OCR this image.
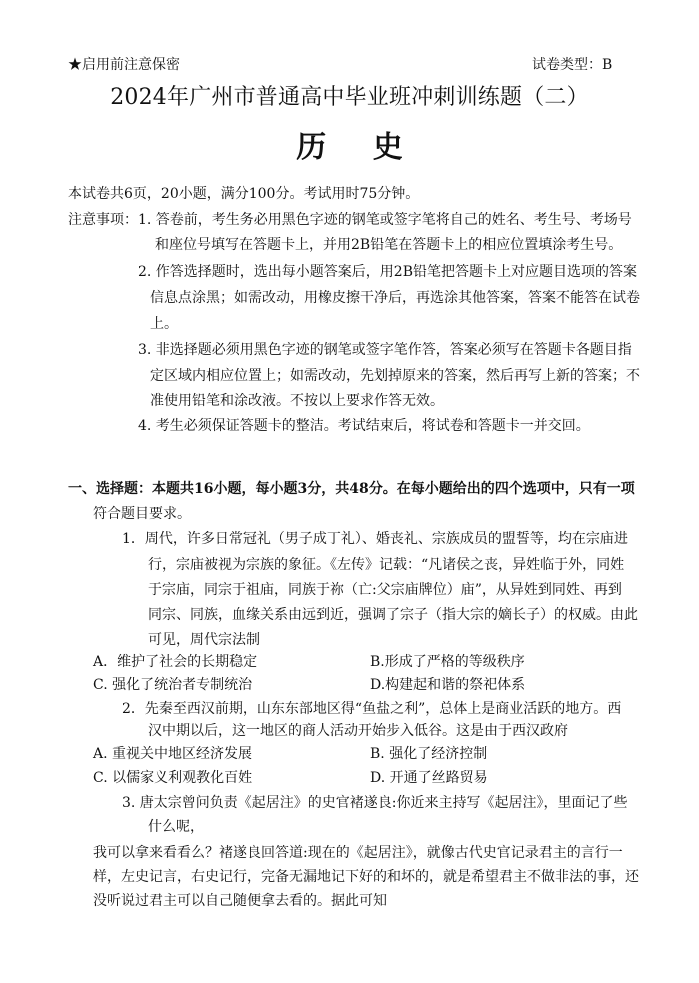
★启用前注意保密	试卷类型：B
2024年广州市普通高中毕业班冲刺训练题（二）
历 史
本试卷共6页，20小题，满分100分。考试用时75分钟。
注意事项： 1. 答卷前，考生务必用黑色字迹的钢笔或签字笔将自己的姓名、考生号、考场号
和座位号填写在答题卡上，并用2B铅笔在答题卡上的相应位置填涂考生号。
2. 作答选择题时，选出每小题答案后，用2B铅笔把答题卡上对应题目选项的答案
信息点涂黑；如需改动，用橡皮擦干净后，再选涂其他答案，答案不能答在试卷
上。
3. 非选择题必须用黑色字迹的钢笔或签字笔作答，答案必须写在答题卡各题目指
定区域内相应位置上；如需改动，先划掉原来的答案，然后再写上新的答案；不
准使用铅笔和涂改液。不按以上要求作答无效。
4. 考生必须保证答题卡的整洁。考试结束后，将试卷和答题卡一并交回。
一、选择题：本题共16小题，每小题3分，共48分。在每小题给出的四个选项中，只有一项
符合题目要求。
1．周代，许多日常冠礼（男子成丁礼）、婚丧礼、宗族成员的盟誓等，均在宗庙进
行，宗庙被视为宗族的象征。《左传》记载：“凡诸侯之丧，异姓临于外，同姓
于宗庙，同宗于祖庙，同族于祢（亡:父宗庙牌位）庙”，从异姓到同姓、再到
同宗、同族，血缘关系由远到近，强调了宗子（指大宗的嫡长子）的权威。由此
可见，周代宗法制
A．维护了社会的长期稳定	B.形成了严格的等级秩序
C. 强化了统治者专制统治	D.构建起和谐的祭祀体系
2．先秦至西汉前期，山东东部地区得“鱼盐之利”，总体上是商业活跃的地方。西
汉中期以后，这一地区的商人活动开始步入低谷。这是由于西汉政府
A. 重视关中地区经济发展	B. 强化了经济控制
C. 以儒家义利观教化百姓	D. 开通了丝路贸易
3. 唐太宗曾问负责《起居注》的史官褚遂良:你近来主持写《起居注》，里面记了些
什么呢，
我可以拿来看看么？褚遂良回答道:现在的《起居注》，就像古代史官记录君主的言行一
样，左史记言，右史记行，完备无漏地记下好的和坏的，就是希望君主不做非法的事，还
没听说过君主可以自己随便拿去看的。据此可知
